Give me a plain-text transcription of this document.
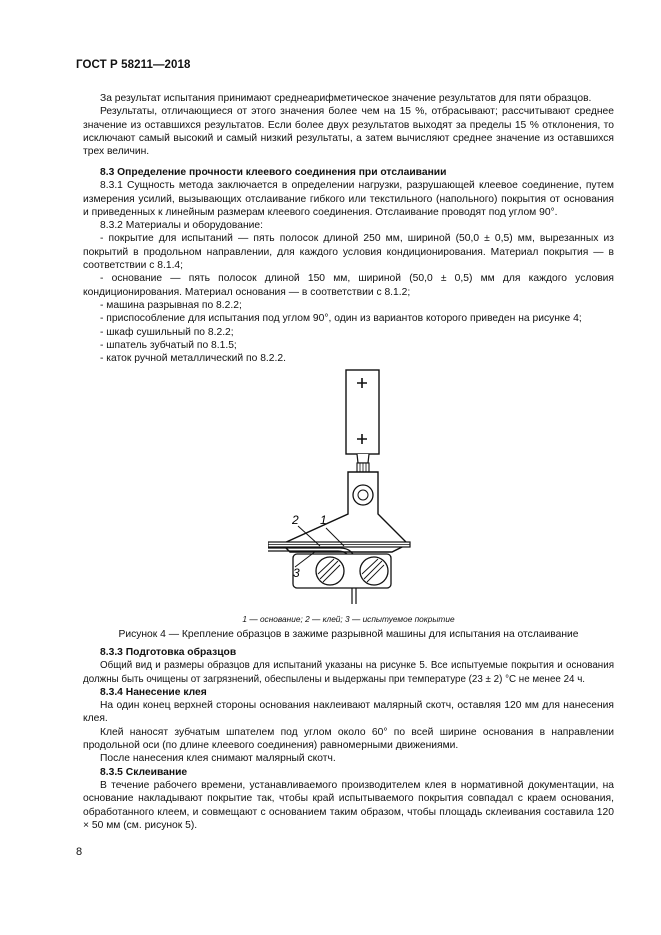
ГОСТ Р 58211—2018

За результат испытания принимают среднеарифметическое значение результатов для пяти образцов.

Результаты, отличающиеся от этого значения более чем на 15 %, отбрасывают; рассчитывают среднее значение из оставшихся результатов. Если более двух результатов выходят за пределы 15 % отклонения, то исключают самый высокий и самый низкий результаты, а затем вычисляют среднее значение из оставшихся трех величин.

8.3 Определение прочности клеевого соединения при отслаивании

8.3.1 Сущность метода заключается в определении нагрузки, разрушающей клеевое соединение, путем измерения усилий, вызывающих отслаивание гибкого или текстильного (напольного) покрытия от основания и приведенных к линейным размерам клеевого соединения. Отслаивание проводят под углом 90°.

8.3.2 Материалы и оборудование:

- покрытие для испытаний — пять полосок длиной 250 мм, шириной (50,0 ± 0,5) мм, вырезанных из покрытий в продольном направлении, для каждого условия кондиционирования. Материал покрытия — в соответствии с 8.1.4;

- основание — пять полосок длиной 150 мм, шириной (50,0 ± 0,5) мм для каждого условия кондиционирования. Материал основания — в соответствии с 8.1.2;

- машина разрывная по 8.2.2;

- приспособление для испытания под углом 90°, один из вариантов которого приведен на рисунке 4;

- шкаф сушильный по 8.2.2;

- шпатель зубчатый по 8.1.5;

- каток ручной металлический по 8.2.2.

1
2
3
1 — основание; 2 — клей; 3 — испытуемое покрытие
Рисунок 4 — Крепление образцов в зажиме разрывной машины для испытания на отслаивание

8.3.3 Подготовка образцов

Общий вид и размеры образцов для испытаний указаны на рисунке 5. Все испытуемые покрытия и основания должны быть очищены от загрязнений, обеспылены и выдержаны при температуре (23 ± 2) °С не менее 24 ч.

8.3.4 Нанесение клея

На один конец верхней стороны основания наклеивают малярный скотч, оставляя 120 мм для нанесения клея.

Клей наносят зубчатым шпателем под углом около 60° по всей ширине основания в направлении продольной оси (по длине клеевого соединения) равномерными движениями.

После нанесения клея снимают малярный скотч.

8.3.5 Склеивание

В течение рабочего времени, устанавливаемого производителем клея в нормативной документации, на основание накладывают покрытие так, чтобы край испытываемого покрытия совпадал с краем основания, обработанного клеем, и совмещают с основанием таким образом, чтобы площадь склеивания составила 120 × 50 мм (см. рисунок 5).

8
